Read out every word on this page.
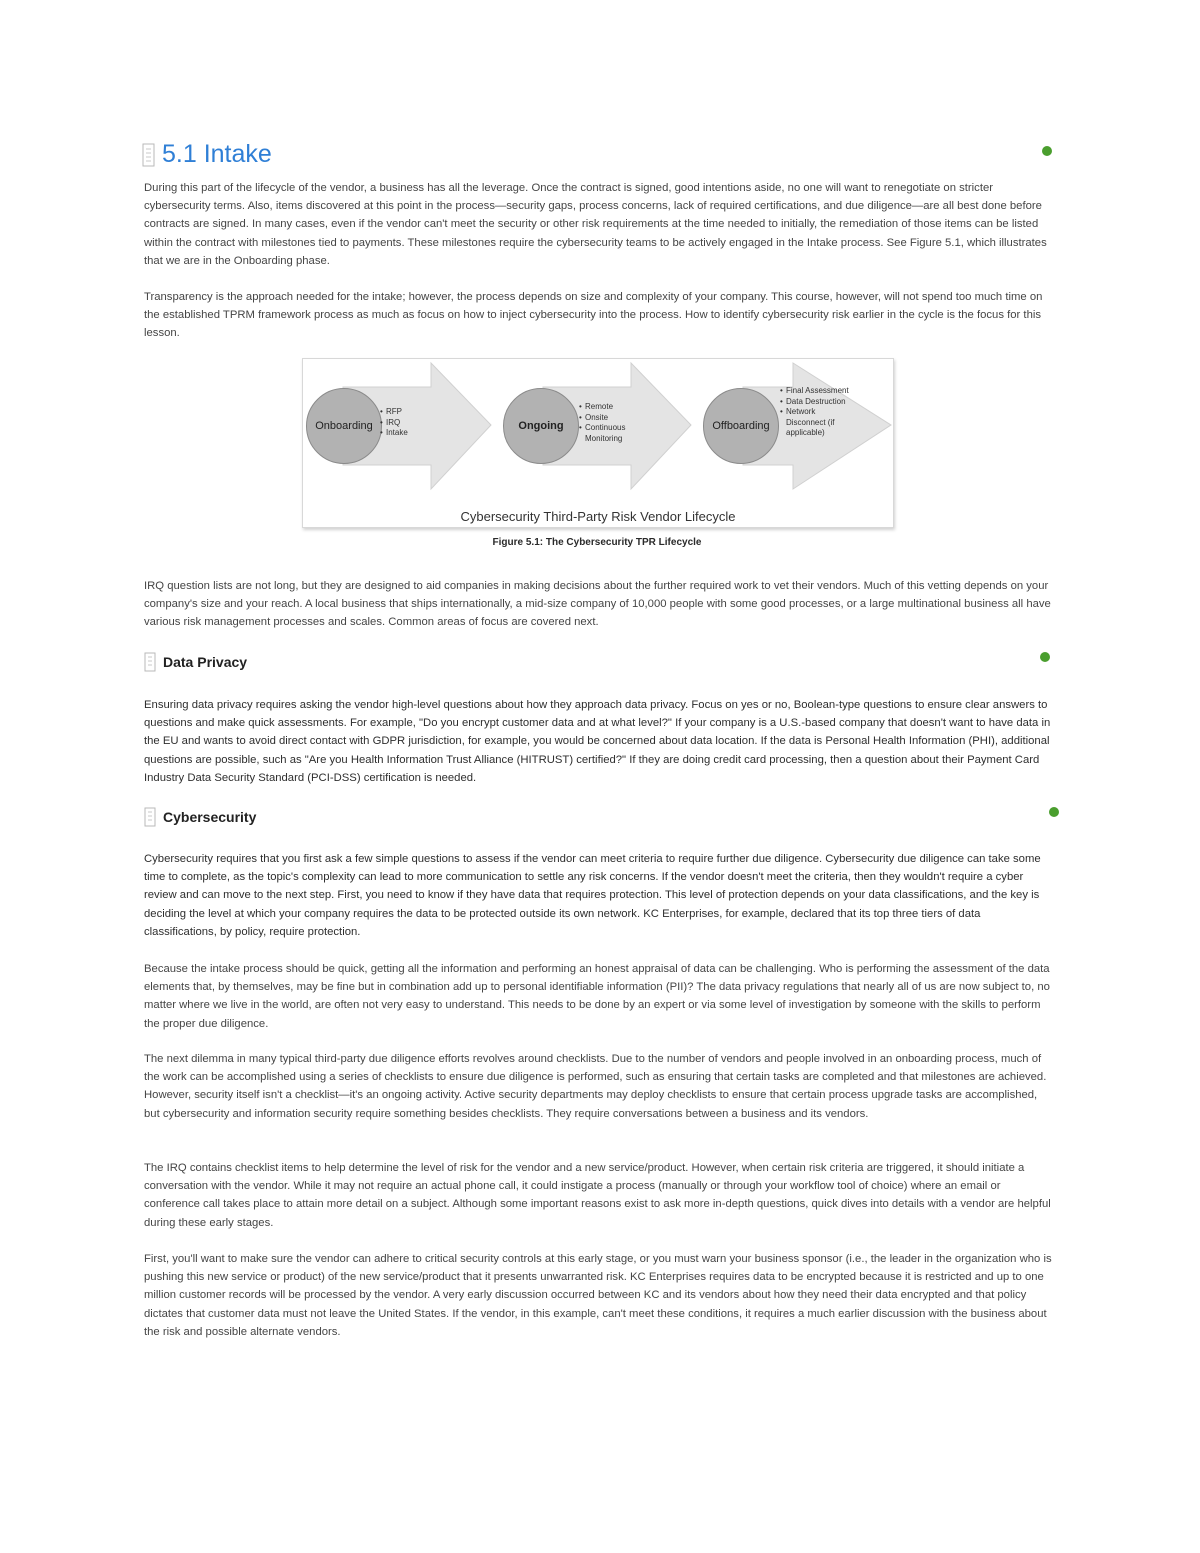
5.1 Intake

During this part of the lifecycle of the vendor, a business has all the leverage. Once the contract is signed, good intentions aside, no one will want to renegotiate on stricter cybersecurity terms. Also, items discovered at this point in the process—security gaps, process concerns, lack of required certifications, and due diligence—are all best done before contracts are signed. In many cases, even if the vendor can't meet the security or other risk requirements at the time needed to initially, the remediation of those items can be listed within the contract with milestones tied to payments. These milestones require the cybersecurity teams to be actively engaged in the Intake process. See Figure 5.1, which illustrates that we are in the Onboarding phase.

Transparency is the approach needed for the intake; however, the process depends on size and complexity of your company. This course, however, will not spend too much time on the established TPRM framework process as much as focus on how to inject cybersecurity into the process. How to identify cybersecurity risk earlier in the cycle is the focus for this lesson.

Onboarding
• RFP
• IRQ
• Intake
Ongoing
• Remote
• Onsite
• Continuous Monitoring
Offboarding
• Final Assessment
• Data Destruction
• Network Disconnect (if applicable)
Cybersecurity Third-Party Risk Vendor Lifecycle
Figure 5.1: The Cybersecurity TPR Lifecycle

IRQ question lists are not long, but they are designed to aid companies in making decisions about the further required work to vet their vendors. Much of this vetting depends on your company's size and your reach. A local business that ships internationally, a mid-size company of 10,000 people with some good processes, or a large multinational business all have various risk management processes and scales. Common areas of focus are covered next.

Data Privacy

Ensuring data privacy requires asking the vendor high-level questions about how they approach data privacy. Focus on yes or no, Boolean-type questions to ensure clear answers to questions and make quick assessments. For example, "Do you encrypt customer data and at what level?" If your company is a U.S.-based company that doesn't want to have data in the EU and wants to avoid direct contact with GDPR jurisdiction, for example, you would be concerned about data location. If the data is Personal Health Information (PHI), additional questions are possible, such as "Are you Health Information Trust Alliance (HITRUST) certified?" If they are doing credit card processing, then a question about their Payment Card Industry Data Security Standard (PCI-DSS) certification is needed.

Cybersecurity

Cybersecurity requires that you first ask a few simple questions to assess if the vendor can meet criteria to require further due diligence. Cybersecurity due diligence can take some time to complete, as the topic's complexity can lead to more communication to settle any risk concerns. If the vendor doesn't meet the criteria, then they wouldn't require a cyber review and can move to the next step. First, you need to know if they have data that requires protection. This level of protection depends on your data classifications, and the key is deciding the level at which your company requires the data to be protected outside its own network. KC Enterprises, for example, declared that its top three tiers of data classifications, by policy, require protection.

Because the intake process should be quick, getting all the information and performing an honest appraisal of data can be challenging. Who is performing the assessment of the data elements that, by themselves, may be fine but in combination add up to personal identifiable information (PII)? The data privacy regulations that nearly all of us are now subject to, no matter where we live in the world, are often not very easy to understand. This needs to be done by an expert or via some level of investigation by someone with the skills to perform the proper due diligence.

The next dilemma in many typical third-party due diligence efforts revolves around checklists. Due to the number of vendors and people involved in an onboarding process, much of the work can be accomplished using a series of checklists to ensure due diligence is performed, such as ensuring that certain tasks are completed and that milestones are achieved. However, security itself isn't a checklist—it's an ongoing activity. Active security departments may deploy checklists to ensure that certain process upgrade tasks are accomplished, but cybersecurity and information security require something besides checklists. They require conversations between a business and its vendors.

The IRQ contains checklist items to help determine the level of risk for the vendor and a new service/product. However, when certain risk criteria are triggered, it should initiate a conversation with the vendor. While it may not require an actual phone call, it could instigate a process (manually or through your workflow tool of choice) where an email or conference call takes place to attain more detail on a subject. Although some important reasons exist to ask more in-depth questions, quick dives into details with a vendor are helpful during these early stages.

First, you'll want to make sure the vendor can adhere to critical security controls at this early stage, or you must warn your business sponsor (i.e., the leader in the organization who is pushing this new service or product) of the new service/product that it presents unwarranted risk. KC Enterprises requires data to be encrypted because it is restricted and up to one million customer records will be processed by the vendor. A very early discussion occurred between KC and its vendors about how they need their data encrypted and that policy dictates that customer data must not leave the United States. If the vendor, in this example, can't meet these conditions, it requires a much earlier discussion with the business about the risk and possible alternate vendors.
